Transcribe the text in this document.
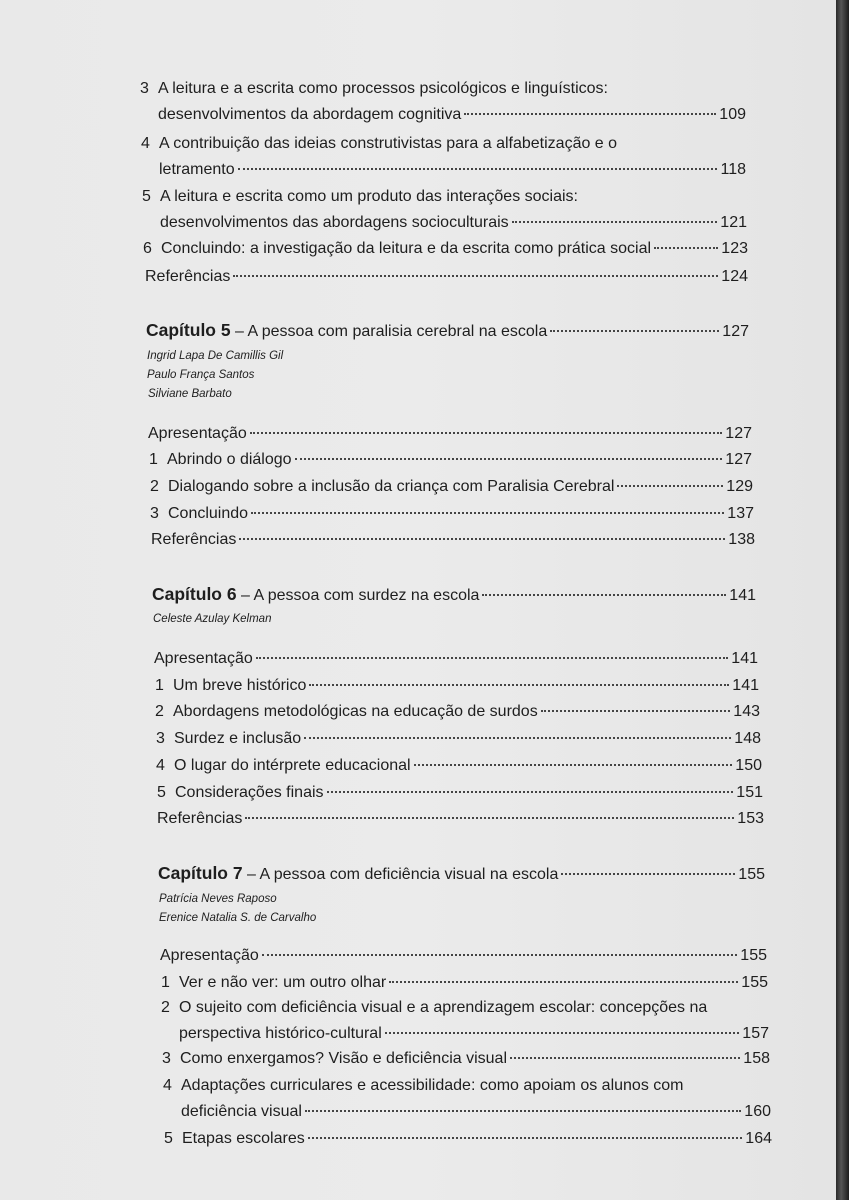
3 A leitura e a escrita como processos psicológicos e linguísticos:
desenvolvimentos da abordagem cognitiva	109
4 A contribuição das ideias construtivistas para a alfabetização e o
letramento	118
5 A leitura e escrita como um produto das interações sociais:
desenvolvimentos das abordagens socioculturais	121
6 Concluindo: a investigação da leitura e da escrita como prática social	123
Referências	124
Capítulo 5
– A pessoa com paralisia cerebral na escola	127
Ingrid Lapa De Camillis Gil
Paulo França Santos
Silviane Barbato
Apresentação	127
1 Abrindo o diálogo	127
2 Dialogando sobre a inclusão da criança com Paralisia Cerebral	129
3 Concluindo	137
Referências	138
Capítulo 6
– A pessoa com surdez na escola	141
Celeste Azulay Kelman
Apresentação	141
1 Um breve histórico	141
2 Abordagens metodológicas na educação de surdos	143
3 Surdez e inclusão	148
4 O lugar do intérprete educacional	150
5 Considerações finais	151
Referências	153
Capítulo 7
– A pessoa com deficiência visual na escola	155
Patrícia Neves Raposo
Erenice Natalia S. de Carvalho
Apresentação	155
1 Ver e não ver: um outro olhar	155
2 O sujeito com deficiência visual e a aprendizagem escolar: concepções na
perspectiva histórico-cultural	157
3 Como enxergamos? Visão e deficiência visual	158
4 Adaptações curriculares e acessibilidade: como apoiam os alunos com
deficiência visual	160
5 Etapas escolares	164
